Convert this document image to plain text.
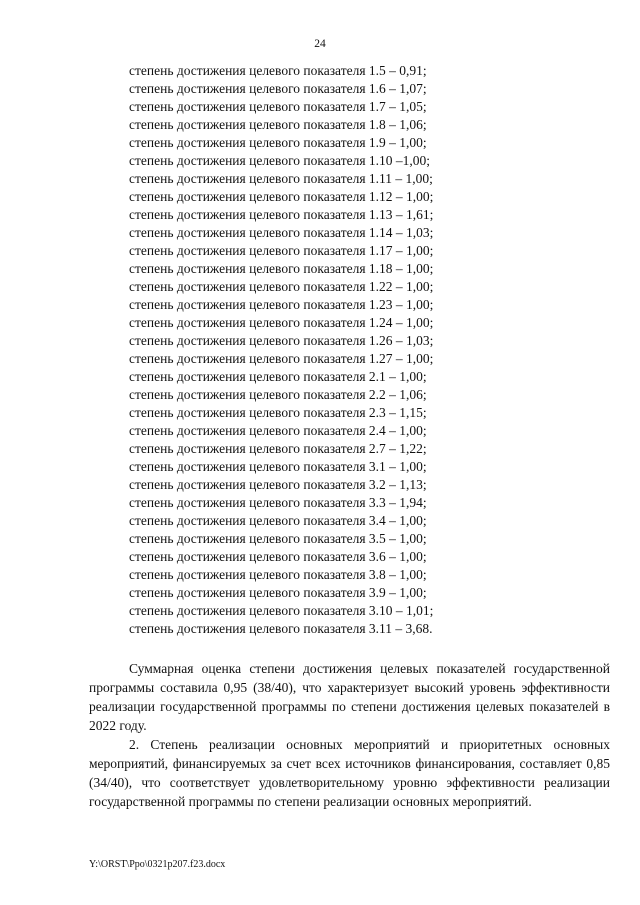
24
степень достижения целевого показателя 1.5 – 0,91;
степень достижения целевого показателя 1.6 – 1,07;
степень достижения целевого показателя 1.7 – 1,05;
степень достижения целевого показателя 1.8 – 1,06;
степень достижения целевого показателя 1.9 – 1,00;
степень достижения целевого показателя 1.10 –1,00;
степень достижения целевого показателя 1.11 – 1,00;
степень достижения целевого показателя 1.12 – 1,00;
степень достижения целевого показателя 1.13 – 1,61;
степень достижения целевого показателя 1.14 – 1,03;
степень достижения целевого показателя 1.17 – 1,00;
степень достижения целевого показателя 1.18 – 1,00;
степень достижения целевого показателя 1.22 – 1,00;
степень достижения целевого показателя 1.23 – 1,00;
степень достижения целевого показателя 1.24 – 1,00;
степень достижения целевого показателя 1.26 – 1,03;
степень достижения целевого показателя 1.27 – 1,00;
степень достижения целевого показателя 2.1 – 1,00;
степень достижения целевого показателя 2.2 – 1,06;
степень достижения целевого показателя 2.3 – 1,15;
степень достижения целевого показателя 2.4 – 1,00;
степень достижения целевого показателя 2.7 – 1,22;
степень достижения целевого показателя 3.1 – 1,00;
степень достижения целевого показателя 3.2 – 1,13;
степень достижения целевого показателя 3.3 – 1,94;
степень достижения целевого показателя 3.4 – 1,00;
степень достижения целевого показателя 3.5 – 1,00;
степень достижения целевого показателя 3.6 – 1,00;
степень достижения целевого показателя 3.8 – 1,00;
степень достижения целевого показателя 3.9 – 1,00;
степень достижения целевого показателя 3.10 – 1,01;
степень достижения целевого показателя 3.11 – 3,68.

Суммарная оценка степени достижения целевых показателей государственной программы составила 0,95 (38/40), что характеризует высокий уровень эффективности реализации государственной программы по степени достижения целевых показателей в 2022 году.

2. Степень реализации основных мероприятий и приоритетных основных мероприятий, финансируемых за счет всех источников финансирования, составляет 0,85 (34/40), что соответствует удовлетворительному уровню эффективности реализации государственной программы по степени реализации основных мероприятий.

Y:\ORST\Ppo\0321p207.f23.docx
